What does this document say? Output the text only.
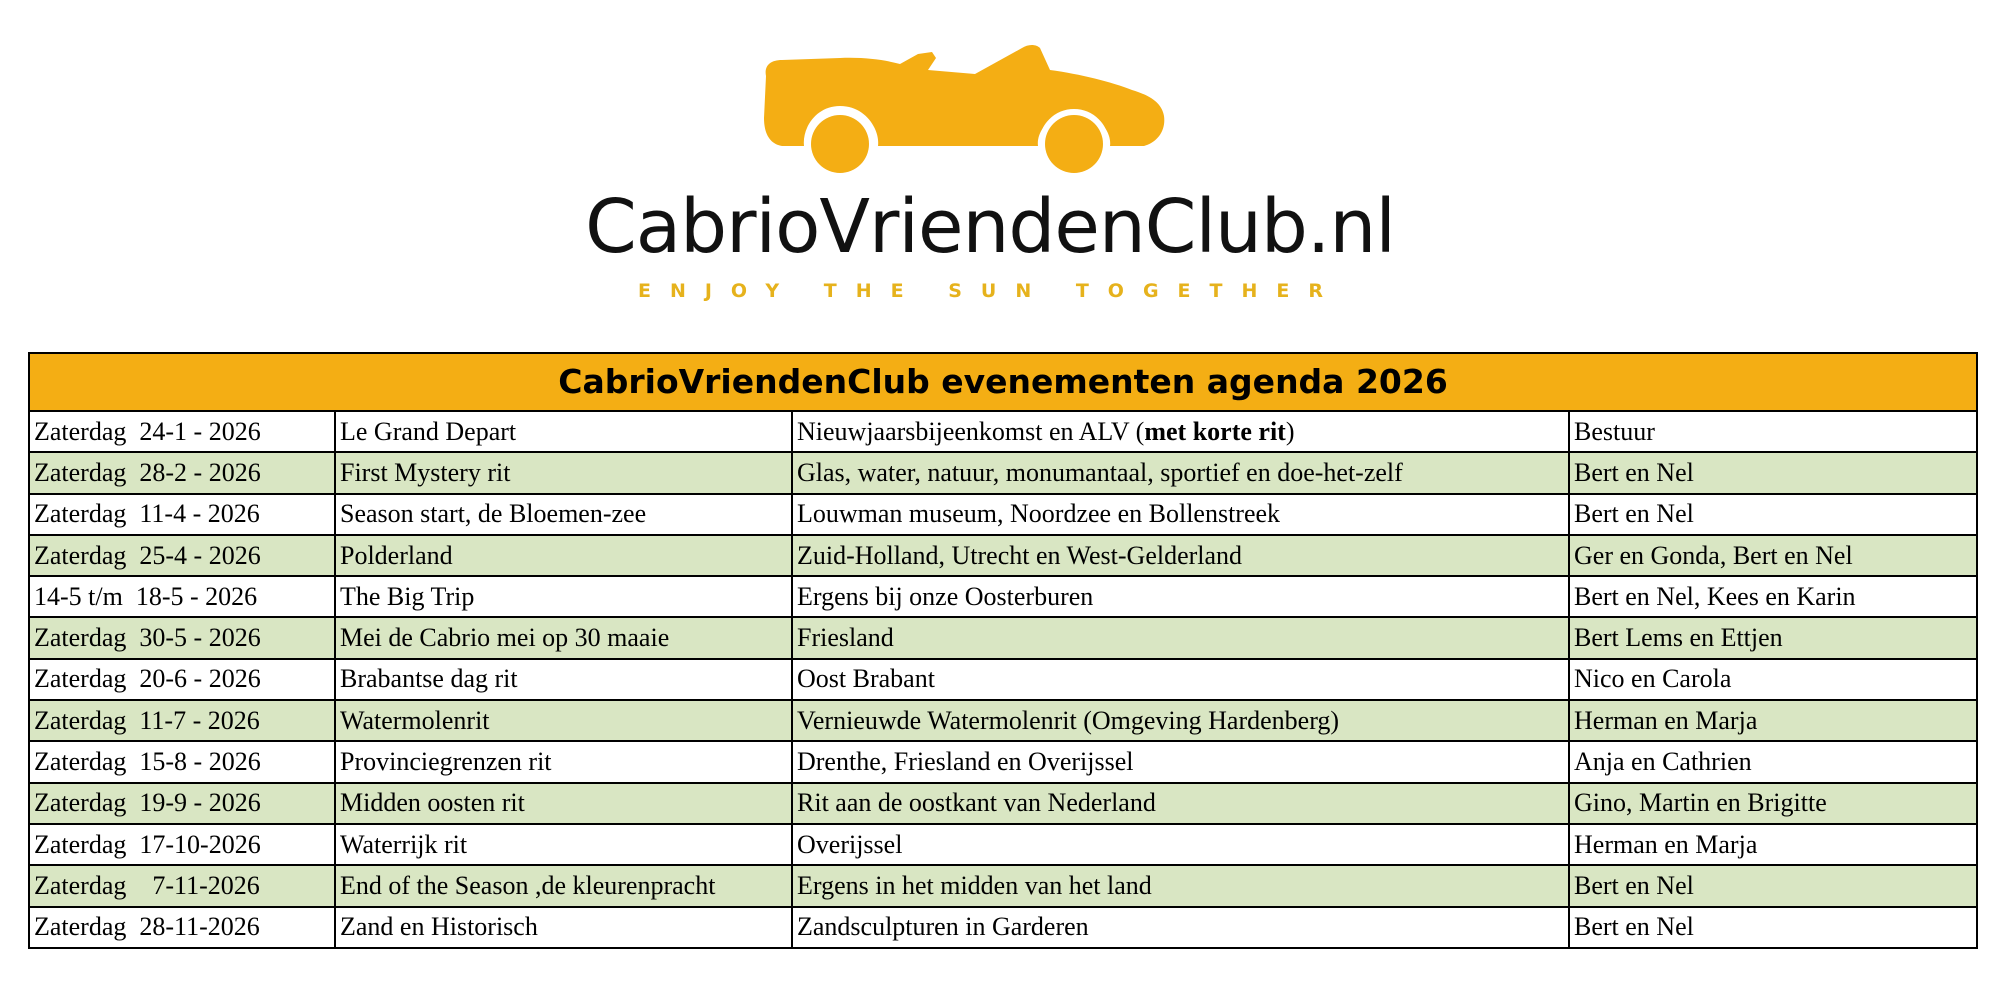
CabrioVriendenClub.nl
ENJOY THE SUN TOGETHER
CabrioVriendenClub evenementen agenda 2026			
Zaterdag  24-1 - 2026	Le Grand Depart	Nieuwjaarsbijeenkomst en ALV (met korte rit)	Bestuur
Zaterdag  28-2 - 2026	First Mystery rit	Glas, water, natuur, monumantaal, sportief en doe-het-zelf	Bert en Nel
Zaterdag  11-4 - 2026	Season start, de Bloemen-zee	Louwman museum, Noordzee en Bollenstreek	Bert en Nel
Zaterdag  25-4 - 2026	Polderland	Zuid-Holland, Utrecht en West-Gelderland	Ger en Gonda, Bert en Nel
14-5 t/m  18-5 - 2026	The Big Trip	Ergens bij onze Oosterburen	Bert en Nel, Kees en Karin
Zaterdag  30-5 - 2026	Mei de Cabrio mei op 30 maaie	Friesland	Bert Lems en Ettjen
Zaterdag  20-6 - 2026	Brabantse dag rit	Oost Brabant	Nico en Carola
Zaterdag  11-7 - 2026	Watermolenrit	Vernieuwde Watermolenrit (Omgeving Hardenberg)	Herman en Marja
Zaterdag  15-8 - 2026	Provinciegrenzen rit	Drenthe, Friesland en Overijssel	Anja en Cathrien
Zaterdag  19-9 - 2026	Midden oosten rit	Rit aan de oostkant van Nederland	Gino, Martin en Brigitte
Zaterdag  17-10-2026	Waterrijk rit	Overijssel	Herman en Marja
Zaterdag    7-11-2026	End of the Season ,de kleurenpracht	Ergens in het midden van het land	Bert en Nel
Zaterdag  28-11-2026	Zand en Historisch	Zandsculpturen in Garderen	Bert en Nel
